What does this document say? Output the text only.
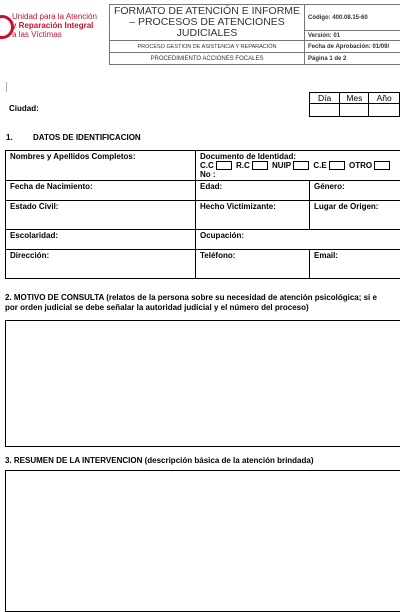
Unidad para la Atención
y Reparación Integral
a las Víctimas
FORMATO DE ATENCIÓN E INFORME – PROCESOS DE ATENCIONES JUDICIALES	Código: 400.08.15-60
	Versión: 01
PROCESO GESTION DE ASISTENCIA Y REPARACIÓN	Fecha de Aprobación: 01/09/
PROCEDIMIENTO ACCIONES FOCALES	Página 1 de 2
Día	Mes	Año

Ciudad:
1.	DATOS DE IDENTIFICACION
Nombres y Apellidos Completos:	Documento de Identidad:
C.C R.C NUIP C.E OTRO
No :	

Fecha de Nacimiento:	Edad:	Género:
Estado Civil:	Hecho Victimizante:	Lugar de Origen:
Escolaridad:	Ocupación:	
Dirección:	Teléfono:	Email:
2. MOTIVO DE CONSULTA (relatos de la persona sobre su necesidad de atención psicológica; si e
por orden judicial se debe señalar la autoridad judicial y el número del proceso)
3. RESUMEN DE LA INTERVENCION (descripción básica de la atención brindada)
